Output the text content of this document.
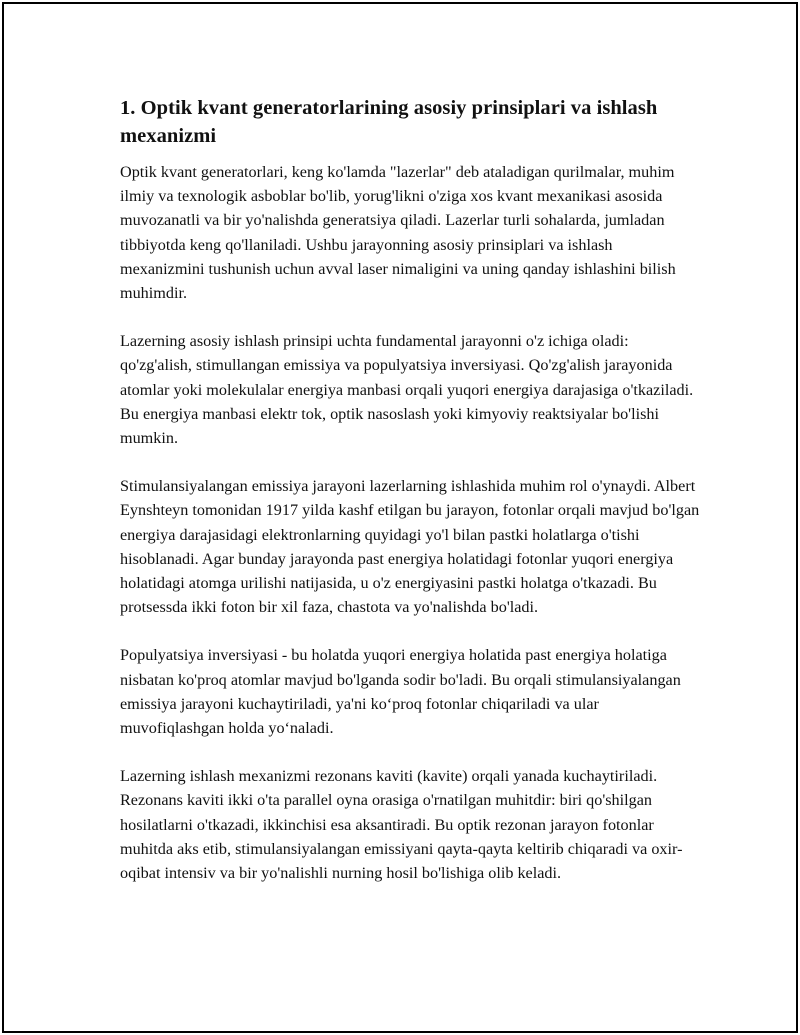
1. Optik kvant generatorlarining asosiy prinsiplari va ishlash mexanizmi

Optik kvant generatorlari, keng ko'lamda "lazerlar" deb ataladigan qurilmalar, muhim ilmiy va texnologik asboblar bo'lib, yorug'likni o'ziga xos kvant mexanikasi asosida muvozanatli va bir yo'nalishda generatsiya qiladi. Lazerlar turli sohalarda, jumladan tibbiyotda keng qo'llaniladi. Ushbu jarayonning asosiy prinsiplari va ishlash mexanizmini tushunish uchun avval laser nimaligini va uning qanday ishlashini bilish muhimdir.

Lazerning asosiy ishlash prinsipi uchta fundamental jarayonni o'z ichiga oladi: qo'zg'alish, stimullangan emissiya va populyatsiya inversiyasi. Qo'zg'alish jarayonida atomlar yoki molekulalar energiya manbasi orqali yuqori energiya darajasiga o'tkaziladi. Bu energiya manbasi elektr tok, optik nasoslash yoki kimyoviy reaktsiyalar bo'lishi mumkin.

Stimulansiyalangan emissiya jarayoni lazerlarning ishlashida muhim rol o'ynaydi. Albert Eynshteyn tomonidan 1917 yilda kashf etilgan bu jarayon, fotonlar orqali mavjud bo'lgan energiya darajasidagi elektronlarning quyidagi yo'l bilan pastki holatlarga o'tishi hisoblanadi. Agar bunday jarayonda past energiya holatidagi fotonlar yuqori energiya holatidagi atomga urilishi natijasida, u o'z energiyasini pastki holatga o'tkazadi. Bu protsessda ikki foton bir xil faza, chastota va yo'nalishda bo'ladi.

Populyatsiya inversiyasi - bu holatda yuqori energiya holatida past energiya holatiga nisbatan ko'proq atomlar mavjud bo'lganda sodir bo'ladi. Bu orqali stimulansiyalangan emissiya jarayoni kuchaytiriladi, ya'ni ko‘proq fotonlar chiqariladi va ular muvofiqlashgan holda yo‘naladi.

Lazerning ishlash mexanizmi rezonans kaviti (kavite) orqali yanada kuchaytiriladi. Rezonans kaviti ikki o'ta parallel oyna orasiga o'rnatilgan muhitdir: biri qo'shilgan hosilatlarni o'tkazadi, ikkinchisi esa aksantiradi. Bu optik rezonan jarayon fotonlar muhitda aks etib, stimulansiyalangan emissiyani qayta-qayta keltirib chiqaradi va oxir-oqibat intensiv va bir yo'nalishli nurning hosil bo'lishiga olib keladi.
